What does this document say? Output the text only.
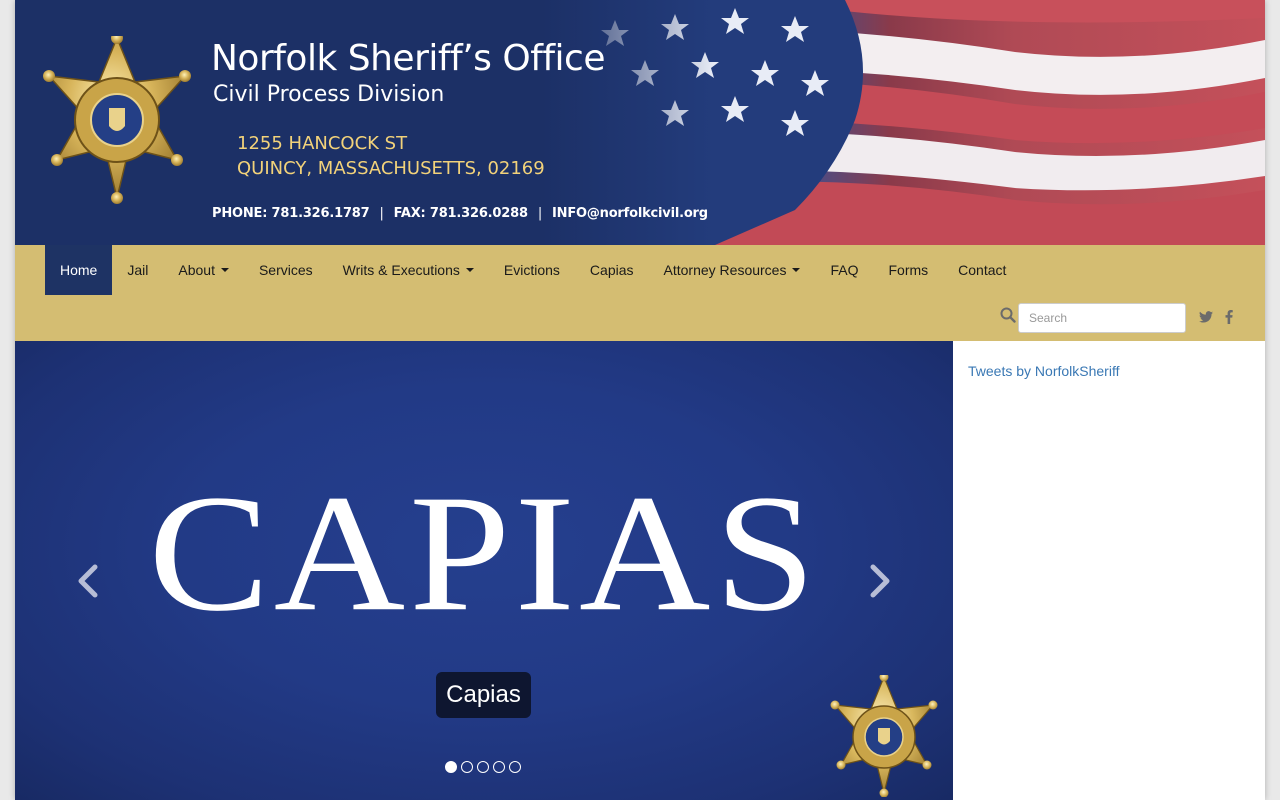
Norfolk Sheriff’s Office
Civil Process Division
1255 HANCOCK ST
QUINCY, MASSACHUSETTS, 02169
PHONE: 781.326.1787 | FAX: 781.326.0288 | INFO@norfolkcivil.org
Home Jail About	Services Writs & Executions	Evictions Capias Attorney Resources	FAQ Forms Contact
Search
CAPIAS
Capias
Tweets by NorfolkSheriff
